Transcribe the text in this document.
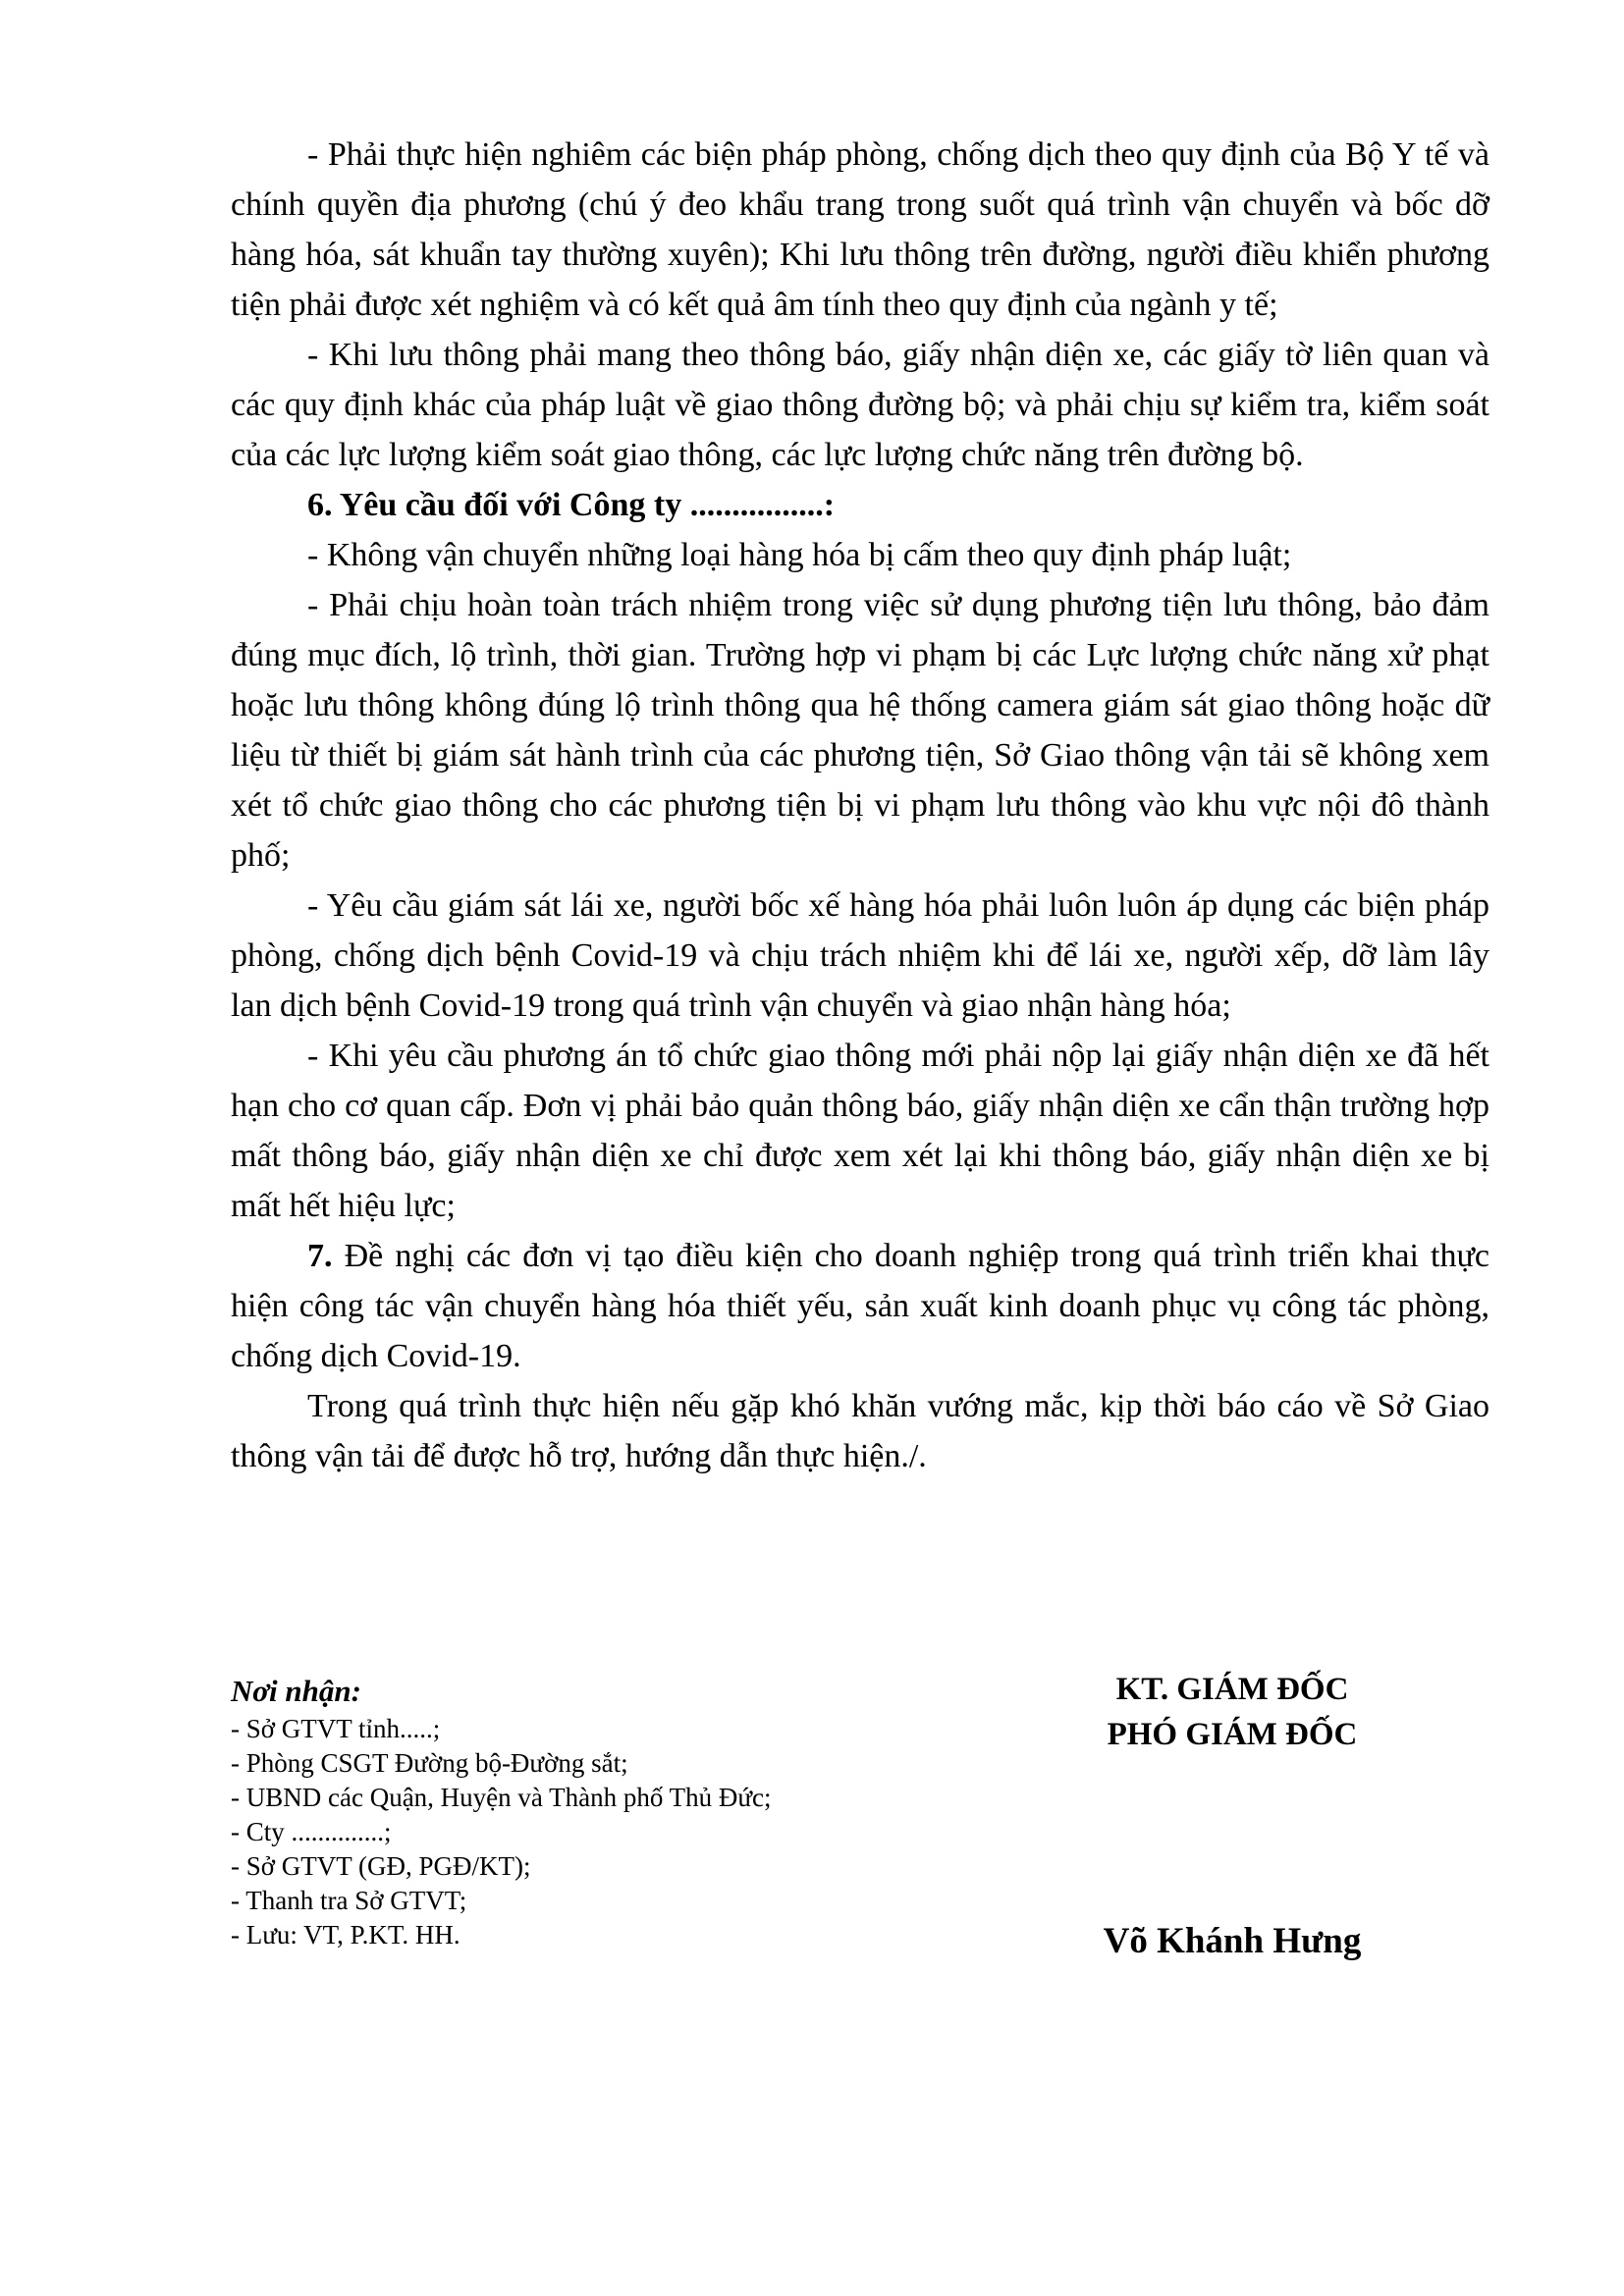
- Phải thực hiện nghiêm các biện pháp phòng, chống dịch theo quy định của Bộ Y tế và chính quyền địa phương (chú ý đeo khẩu trang trong suốt quá trình vận chuyển và bốc dỡ hàng hóa, sát khuẩn tay thường xuyên); Khi lưu thông trên đường, người điều khiển phương tiện phải được xét nghiệm và có kết quả âm tính theo quy định của ngành y tế;

- Khi lưu thông phải mang theo thông báo, giấy nhận diện xe, các giấy tờ liên quan và các quy định khác của pháp luật về giao thông đường bộ; và phải chịu sự kiểm tra, kiểm soát của các lực lượng kiểm soát giao thông, các lực lượng chức năng trên đường bộ.

6. Yêu cầu đối với Công ty ................:

- Không vận chuyển những loại hàng hóa bị cấm theo quy định pháp luật;

- Phải chịu hoàn toàn trách nhiệm trong việc sử dụng phương tiện lưu thông, bảo đảm đúng mục đích, lộ trình, thời gian. Trường hợp vi phạm bị các Lực lượng chức năng xử phạt hoặc lưu thông không đúng lộ trình thông qua hệ thống camera giám sát giao thông hoặc dữ liệu từ thiết bị giám sát hành trình của các phương tiện, Sở Giao thông vận tải sẽ không xem xét tổ chức giao thông cho các phương tiện bị vi phạm lưu thông vào khu vực nội đô thành phố;

- Yêu cầu giám sát lái xe, người bốc xế hàng hóa phải luôn luôn áp dụng các biện pháp phòng, chống dịch bệnh Covid-19 và chịu trách nhiệm khi để lái xe, người xếp, dỡ làm lây lan dịch bệnh Covid-19 trong quá trình vận chuyển và giao nhận hàng hóa;

- Khi yêu cầu phương án tổ chức giao thông mới phải nộp lại giấy nhận diện xe đã hết hạn cho cơ quan cấp. Đơn vị phải bảo quản thông báo, giấy nhận diện xe cẩn thận trường hợp mất thông báo, giấy nhận diện xe chỉ được xem xét lại khi thông báo, giấy nhận diện xe bị mất hết hiệu lực;

7. Đề nghị các đơn vị tạo điều kiện cho doanh nghiệp trong quá trình triển khai thực hiện công tác vận chuyển hàng hóa thiết yếu, sản xuất kinh doanh phục vụ công tác phòng, chống dịch Covid-19.

Trong quá trình thực hiện nếu gặp khó khăn vướng mắc, kịp thời báo cáo về Sở Giao thông vận tải để được hỗ trợ, hướng dẫn thực hiện./.

Nơi nhận:

- Sở GTVT tỉnh.....;
- Phòng CSGT Đường bộ-Đường sắt;
- UBND các Quận, Huyện và Thành phố Thủ Đức;
- Cty ..............;
- Sở GTVT (GĐ, PGĐ/KT);
- Thanh tra Sở GTVT;
- Lưu: VT, P.KT. HH.
KT. GIÁM ĐỐC
PHÓ GIÁM ĐỐC
Võ Khánh Hưng
